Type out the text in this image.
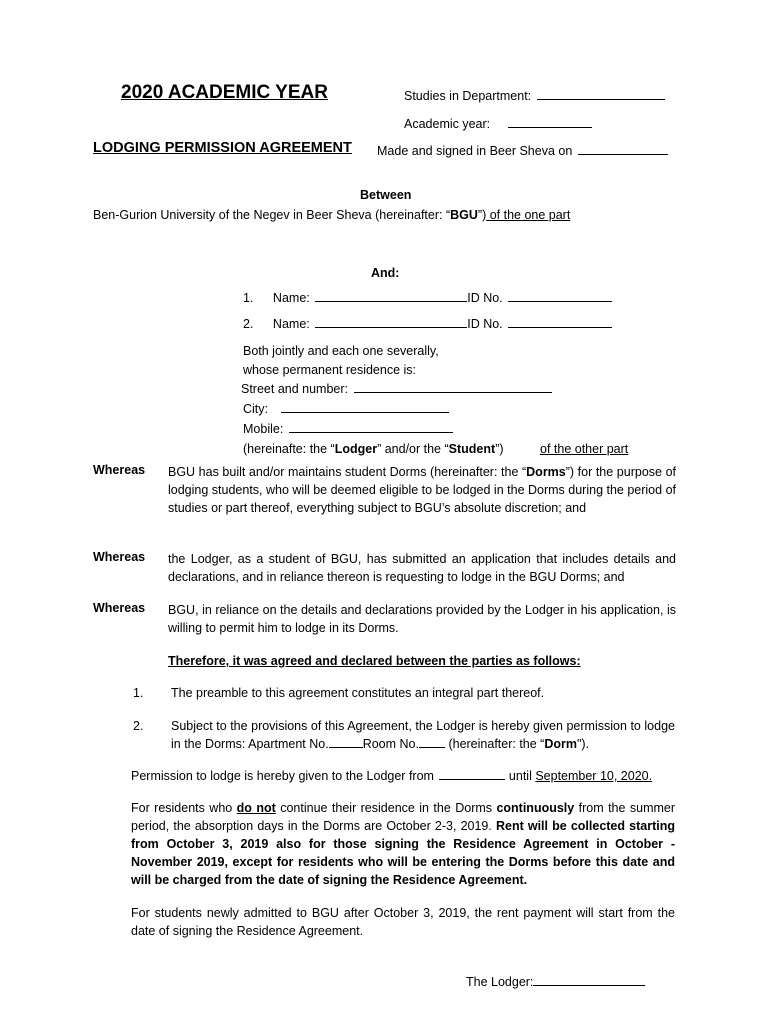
2020 ACADEMIC YEAR	Studies in Department:
Academic year:
LODGING PERMISSION AGREEMENT Made and signed in Beer Sheva on
Between
Ben-Gurion University of the Negev in Beer Sheva (hereinafter: “BGU”) of the one part
And:
1. Name:	ID No.
2. Name:	ID No.
Both jointly and each one severally,
whose permanent residence is:
Street and number:
City:
Mobile:
(hereinafte: the “Lodger” and/or the “Student”)	of the other part
Whereas BGU has built and/or maintains student Dorms (hereinafter: the “Dorms”) for the purpose of lodging students, who will be deemed eligible to be lodged in the Dorms during the period of studies or part thereof, everything subject to BGU’s absolute discretion; and
Whereas the Lodger, as a student of BGU, has submitted an application that includes details and declarations, and in reliance thereon is requesting to lodge in the BGU Dorms; and
Whereas BGU, in reliance on the details and declarations provided by the Lodger in his application, is willing to permit him to lodge in its Dorms.
Therefore, it was agreed and declared between the parties as follows:
1. The preamble to this agreement constitutes an integral part thereof.
2. Subject to the provisions of this Agreement, the Lodger is hereby given permission to lodge in the Dorms: Apartment No.	Room No. (hereinafter: the “Dorm").
Permission to lodge is hereby given to the Lodger from	until September 10, 2020.
For residents who do not continue their residence in the Dorms continuously from the summer period, the absorption days in the Dorms are October 2-3, 2019. Rent will be collected starting from October 3, 2019 also for those signing the Residence Agreement in October - November 2019, except for residents who will be entering the Dorms before this date and will be charged from the date of signing the Residence Agreement.
For students newly admitted to BGU after October 3, 2019, the rent payment will start from the date of signing the Residence Agreement.
The Lodger:
